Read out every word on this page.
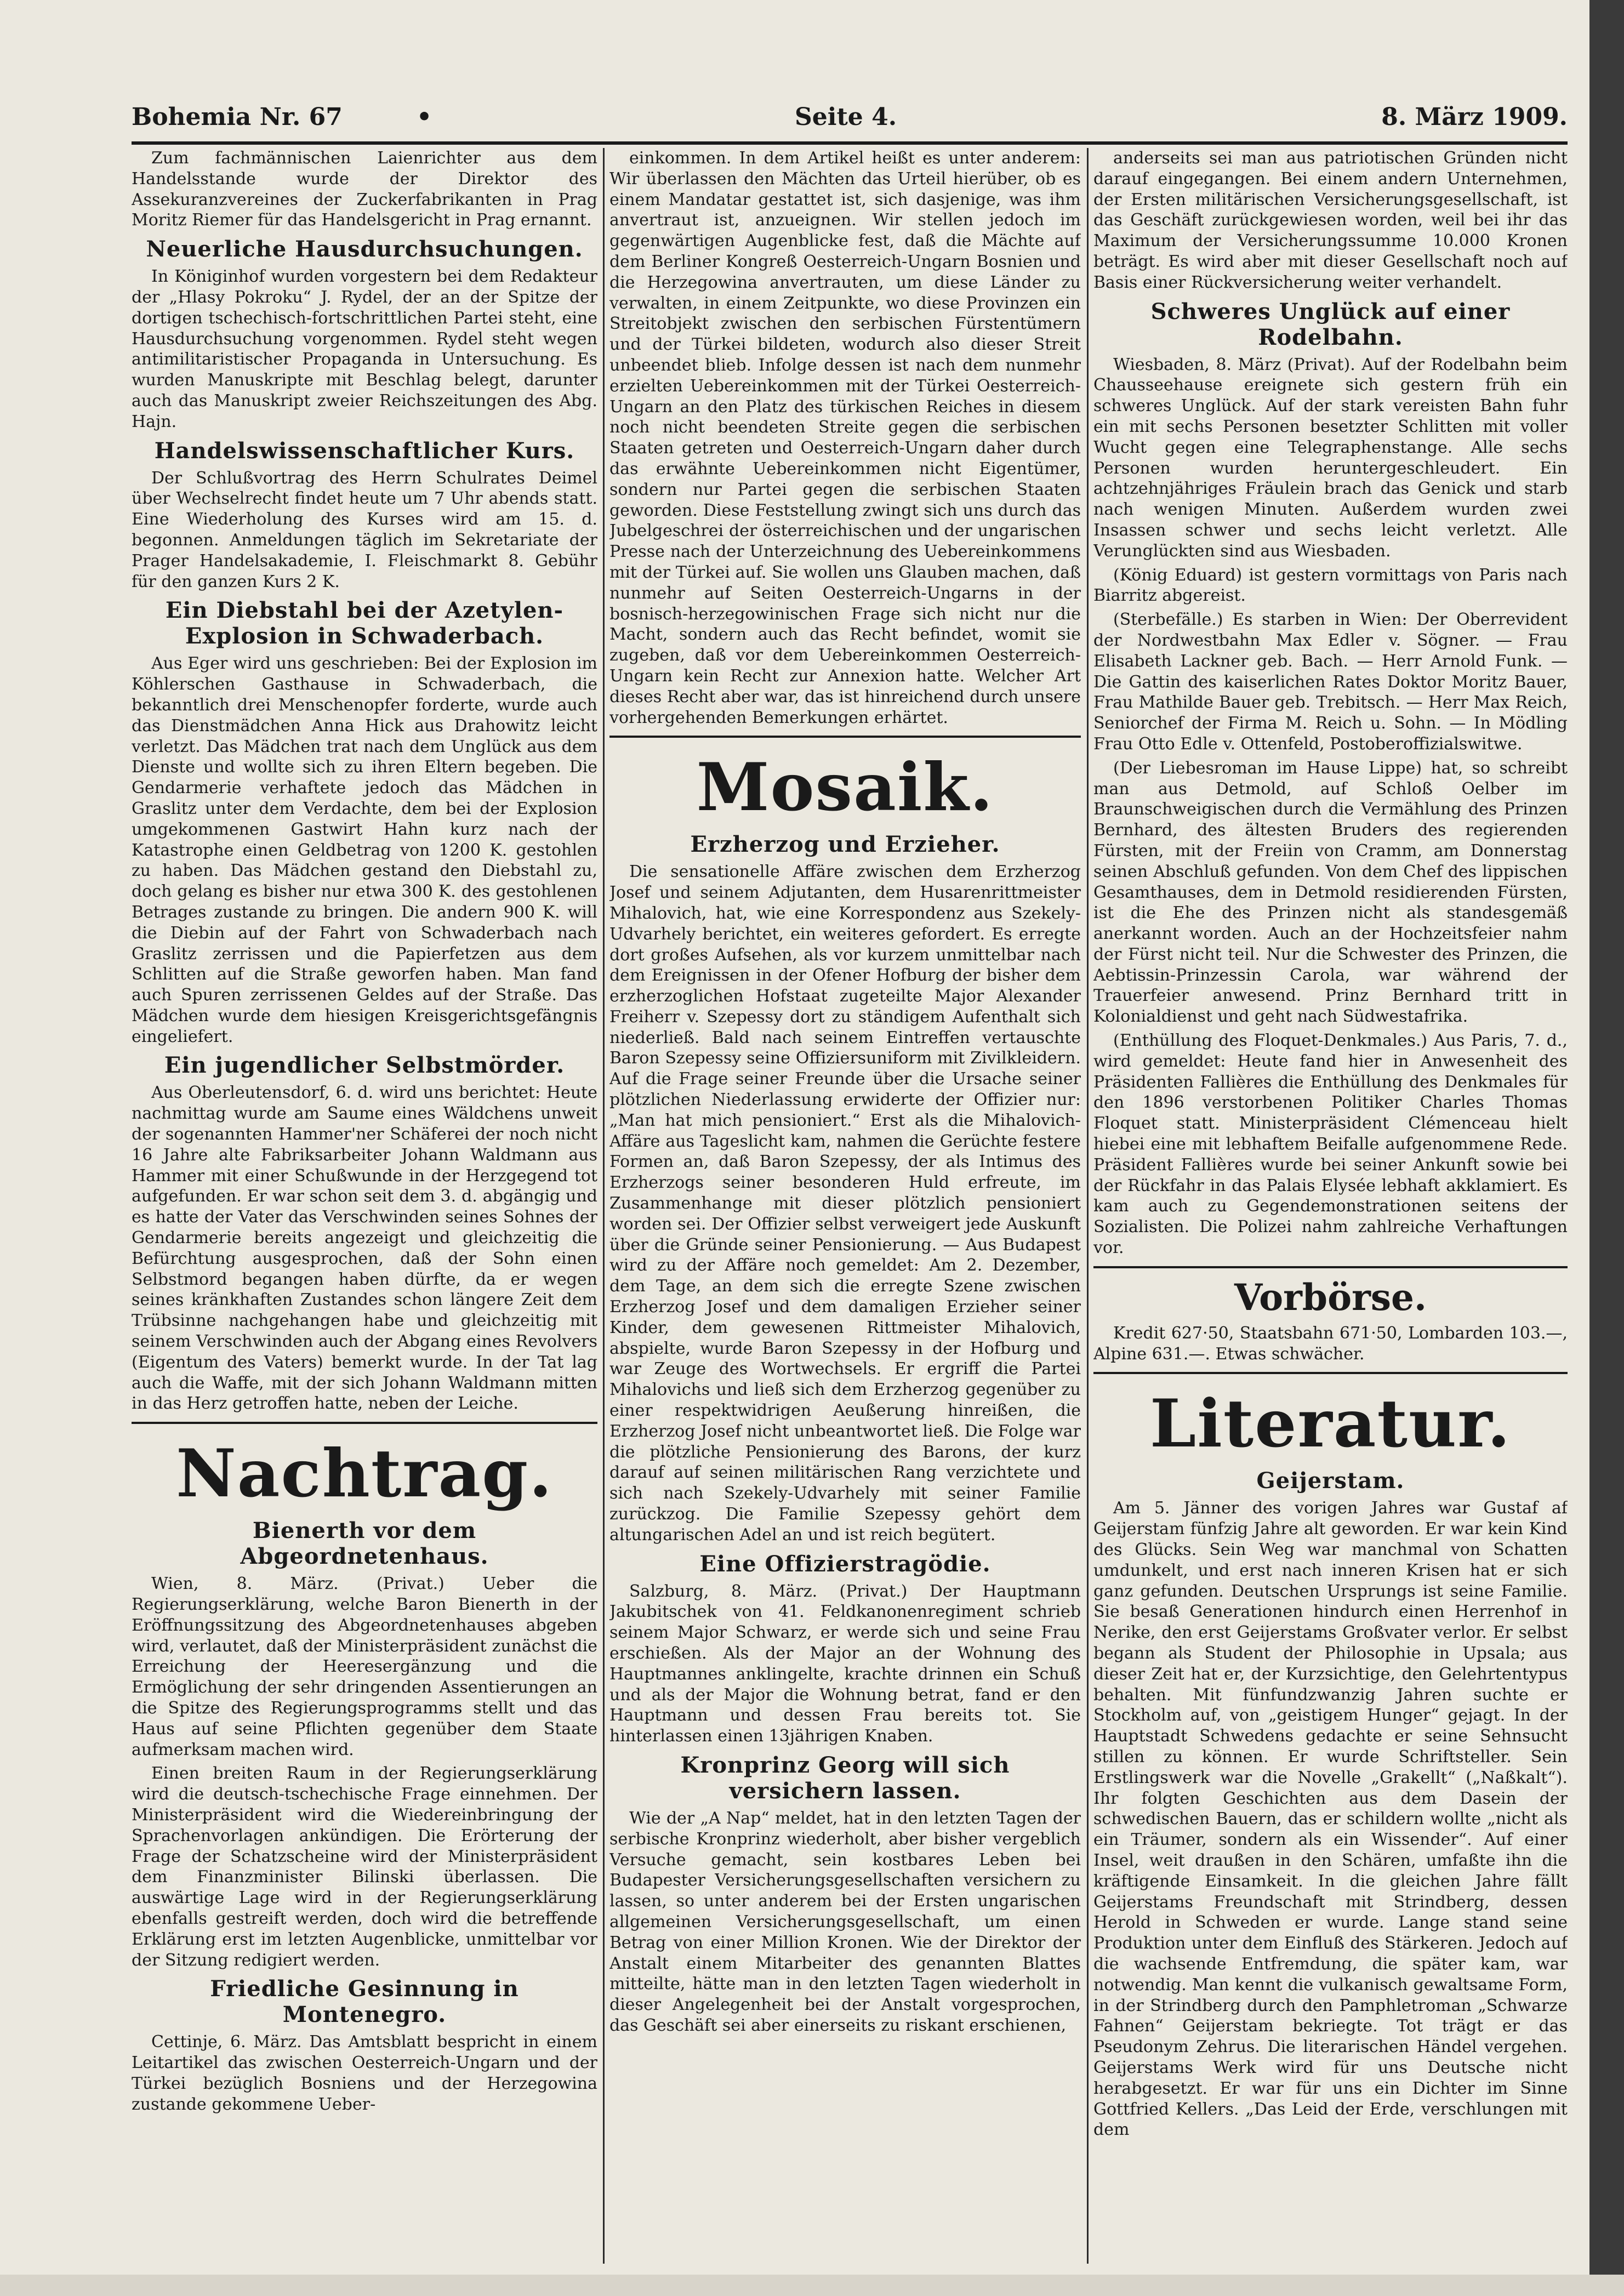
Bohemia Nr. 67	•	Seite 4.	8. März 1909.

Zum fachmännischen Laienrichter aus dem Handelsstande wurde der Direktor des Assekuranzvereines der Zuckerfabrikanten in Prag Moritz Riemer für das Handelsgericht in Prag ernannt.

Neuerliche Hausdurchsuchungen.

In Königinhof wurden vorgestern bei dem Redakteur der „Hlasy Pokroku“ J. Rydel, der an der Spitze der dortigen tschechisch-fortschrittlichen Partei steht, eine Hausdurchsuchung vorgenommen. Rydel steht wegen antimilitaristischer Propaganda in Untersuchung. Es wurden Manuskripte mit Beschlag belegt, darunter auch das Manuskript zweier Reichszeitungen des Abg. Hajn.

Handelswissenschaftlicher Kurs.

Der Schlußvortrag des Herrn Schulrates Deimel über Wechselrecht findet heute um 7 Uhr abends statt. Eine Wiederholung des Kurses wird am 15. d. begonnen. Anmeldungen täglich im Sekretariate der Prager Handelsakademie, I. Fleischmarkt 8. Gebühr für den ganzen Kurs 2 K.

Ein Diebstahl bei der Azetylen-Explosion in Schwaderbach.

Aus Eger wird uns geschrieben: Bei der Explosion im Köhlerschen Gasthause in Schwaderbach, die bekanntlich drei Menschenopfer forderte, wurde auch das Dienstmädchen Anna Hick aus Drahowitz leicht verletzt. Das Mädchen trat nach dem Unglück aus dem Dienste und wollte sich zu ihren Eltern begeben. Die Gendarmerie verhaftete jedoch das Mädchen in Graslitz unter dem Verdachte, dem bei der Explosion umgekommenen Gastwirt Hahn kurz nach der Katastrophe einen Geldbetrag von 1200 K. gestohlen zu haben. Das Mädchen gestand den Diebstahl zu, doch gelang es bisher nur etwa 300 K. des gestohlenen Betrages zustande zu bringen. Die andern 900 K. will die Diebin auf der Fahrt von Schwaderbach nach Graslitz zerrissen und die Papierfetzen aus dem Schlitten auf die Straße geworfen haben. Man fand auch Spuren zerrissenen Geldes auf der Straße. Das Mädchen wurde dem hiesigen Kreisgerichtsgefängnis eingeliefert.

Ein jugendlicher Selbstmörder.

Aus Oberleutensdorf, 6. d. wird uns berichtet: Heute nachmittag wurde am Saume eines Wäldchens unweit der sogenannten Hammer'ner Schäferei der noch nicht 16 Jahre alte Fabriksarbeiter Johann Waldmann aus Hammer mit einer Schußwunde in der Herzgegend tot aufgefunden. Er war schon seit dem 3. d. abgängig und es hatte der Vater das Verschwinden seines Sohnes der Gendarmerie bereits angezeigt und gleichzeitig die Befürchtung ausgesprochen, daß der Sohn einen Selbstmord begangen haben dürfte, da er wegen seines kränkhaften Zustandes schon längere Zeit dem Trübsinne nachgehangen habe und gleichzeitig mit seinem Verschwinden auch der Abgang eines Revolvers (Eigentum des Vaters) bemerkt wurde. In der Tat lag auch die Waffe, mit der sich Johann Waldmann mitten in das Herz getroffen hatte, neben der Leiche.

Nachtrag.
Bienerth vor dem Abgeordnetenhaus.

Wien, 8. März. (Privat.) Ueber die Regierungserklärung, welche Baron Bienerth in der Eröffnungssitzung des Abgeordnetenhauses abgeben wird, verlautet, daß der Ministerpräsident zunächst die Erreichung der Heeresergänzung und die Ermöglichung der sehr dringenden Assentierungen an die Spitze des Regierungsprogramms stellt und das Haus auf seine Pflichten gegenüber dem Staate aufmerksam machen wird.

Einen breiten Raum in der Regierungserklärung wird die deutsch-tschechische Frage einnehmen. Der Ministerpräsident wird die Wiedereinbringung der Sprachenvorlagen ankündigen. Die Erörterung der Frage der Schatzscheine wird der Ministerpräsident dem Finanzminister Bilinski überlassen. Die auswärtige Lage wird in der Regierungserklärung ebenfalls gestreift werden, doch wird die betreffende Erklärung erst im letzten Augenblicke, unmittelbar vor der Sitzung redigiert werden.

Friedliche Gesinnung in Montenegro.

Cettinje, 6. März. Das Amtsblatt bespricht in einem Leitartikel das zwischen Oesterreich-Ungarn und der Türkei bezüglich Bosniens und der Herzegowina zustande gekommene Ueber-

einkommen. In dem Artikel heißt es unter anderem: Wir überlassen den Mächten das Urteil hierüber, ob es einem Mandatar gestattet ist, sich dasjenige, was ihm anvertraut ist, anzueignen. Wir stellen jedoch im gegenwärtigen Augenblicke fest, daß die Mächte auf dem Berliner Kongreß Oesterreich-Ungarn Bosnien und die Herzegowina anvertrauten, um diese Länder zu verwalten, in einem Zeitpunkte, wo diese Provinzen ein Streitobjekt zwischen den serbischen Fürstentümern und der Türkei bildeten, wodurch also dieser Streit unbeendet blieb. Infolge dessen ist nach dem nunmehr erzielten Uebereinkommen mit der Türkei Oesterreich-Ungarn an den Platz des türkischen Reiches in diesem noch nicht beendeten Streite gegen die serbischen Staaten getreten und Oesterreich-Ungarn daher durch das erwähnte Uebereinkommen nicht Eigentümer, sondern nur Partei gegen die serbischen Staaten geworden. Diese Feststellung zwingt sich uns durch das Jubelgeschrei der österreichischen und der ungarischen Presse nach der Unterzeichnung des Uebereinkommens mit der Türkei auf. Sie wollen uns Glauben machen, daß nunmehr auf Seiten Oesterreich-Ungarns in der bosnisch-herzegowinischen Frage sich nicht nur die Macht, sondern auch das Recht befindet, womit sie zugeben, daß vor dem Uebereinkommen Oesterreich-Ungarn kein Recht zur Annexion hatte. Welcher Art dieses Recht aber war, das ist hinreichend durch unsere vorhergehenden Bemerkungen erhärtet.

Mosaik.
Erzherzog und Erzieher.

Die sensationelle Affäre zwischen dem Erzherzog Josef und seinem Adjutanten, dem Husarenrittmeister Mihalovich, hat, wie eine Korrespondenz aus Szekely-Udvarhely berichtet, ein weiteres gefordert. Es erregte dort großes Aufsehen, als vor kurzem unmittelbar nach dem Ereignissen in der Ofener Hofburg der bisher dem erzherzoglichen Hofstaat zugeteilte Major Alexander Freiherr v. Szepessy dort zu ständigem Aufenthalt sich niederließ. Bald nach seinem Eintreffen vertauschte Baron Szepessy seine Offiziersuniform mit Zivilkleidern. Auf die Frage seiner Freunde über die Ursache seiner plötzlichen Niederlassung erwiderte der Offizier nur: „Man hat mich pensioniert.“ Erst als die Mihalovich-Affäre aus Tageslicht kam, nahmen die Gerüchte festere Formen an, daß Baron Szepessy, der als Intimus des Erzherzogs seiner besonderen Huld erfreute, im Zusammenhange mit dieser plötzlich pensioniert worden sei. Der Offizier selbst verweigert jede Auskunft über die Gründe seiner Pensionierung. — Aus Budapest wird zu der Affäre noch gemeldet: Am 2. Dezember, dem Tage, an dem sich die erregte Szene zwischen Erzherzog Josef und dem damaligen Erzieher seiner Kinder, dem gewesenen Rittmeister Mihalovich, abspielte, wurde Baron Szepessy in der Hofburg und war Zeuge des Wortwechsels. Er ergriff die Partei Mihalovichs und ließ sich dem Erzherzog gegenüber zu einer respektwidrigen Aeußerung hinreißen, die Erzherzog Josef nicht unbeantwortet ließ. Die Folge war die plötzliche Pensionierung des Barons, der kurz darauf auf seinen militärischen Rang verzichtete und sich nach Szekely-Udvarhely mit seiner Familie zurückzog. Die Familie Szepessy gehört dem altungarischen Adel an und ist reich begütert.

Eine Offizierstragödie.

Salzburg, 8. März. (Privat.) Der Hauptmann Jakubitschek von 41. Feldkanonenregiment schrieb seinem Major Schwarz, er werde sich und seine Frau erschießen. Als der Major an der Wohnung des Hauptmannes anklingelte, krachte drinnen ein Schuß und als der Major die Wohnung betrat, fand er den Hauptmann und dessen Frau bereits tot. Sie hinterlassen einen 13jährigen Knaben.

Kronprinz Georg will sich versichern lassen.

Wie der „A Nap“ meldet, hat in den letzten Tagen der serbische Kronprinz wiederholt, aber bisher vergeblich Versuche gemacht, sein kostbares Leben bei Budapester Versicherungsgesellschaften versichern zu lassen, so unter anderem bei der Ersten ungarischen allgemeinen Versicherungsgesellschaft, um einen Betrag von einer Million Kronen. Wie der Direktor der Anstalt einem Mitarbeiter des genannten Blattes mitteilte, hätte man in den letzten Tagen wiederholt in dieser Angelegenheit bei der Anstalt vorgesprochen, das Geschäft sei aber einerseits zu riskant erschienen,

anderseits sei man aus patriotischen Gründen nicht darauf eingegangen. Bei einem andern Unternehmen, der Ersten militärischen Versicherungsgesellschaft, ist das Geschäft zurückgewiesen worden, weil bei ihr das Maximum der Versicherungssumme 10.000 Kronen beträgt. Es wird aber mit dieser Gesellschaft noch auf Basis einer Rückversicherung weiter verhandelt.

Schweres Unglück auf einer Rodelbahn.

Wiesbaden, 8. März (Privat). Auf der Rodelbahn beim Chausseehause ereignete sich gestern früh ein schweres Unglück. Auf der stark vereisten Bahn fuhr ein mit sechs Personen besetzter Schlitten mit voller Wucht gegen eine Telegraphenstange. Alle sechs Personen wurden heruntergeschleudert. Ein achtzehnjähriges Fräulein brach das Genick und starb nach wenigen Minuten. Außerdem wurden zwei Insassen schwer und sechs leicht verletzt. Alle Verunglückten sind aus Wiesbaden.

(König Eduard) ist gestern vormittags von Paris nach Biarritz abgereist.

(Sterbefälle.) Es starben in Wien: Der Oberrevident der Nordwestbahn Max Edler v. Sögner. — Frau Elisabeth Lackner geb. Bach. — Herr Arnold Funk. — Die Gattin des kaiserlichen Rates Doktor Moritz Bauer, Frau Mathilde Bauer geb. Trebitsch. — Herr Max Reich, Seniorchef der Firma M. Reich u. Sohn. — In Mödling Frau Otto Edle v. Ottenfeld, Postoberoffizialswitwe.

(Der Liebesroman im Hause Lippe) hat, so schreibt man aus Detmold, auf Schloß Oelber im Braunschweigischen durch die Vermählung des Prinzen Bernhard, des ältesten Bruders des regierenden Fürsten, mit der Freiin von Cramm, am Donnerstag seinen Abschluß gefunden. Von dem Chef des lippischen Gesamthauses, dem in Detmold residierenden Fürsten, ist die Ehe des Prinzen nicht als standesgemäß anerkannt worden. Auch an der Hochzeitsfeier nahm der Fürst nicht teil. Nur die Schwester des Prinzen, die Aebtissin-Prinzessin Carola, war während der Trauerfeier anwesend. Prinz Bernhard tritt in Kolonialdienst und geht nach Südwestafrika.

(Enthüllung des Floquet-Denkmales.) Aus Paris, 7. d., wird gemeldet: Heute fand hier in Anwesenheit des Präsidenten Fallières die Enthüllung des Denkmales für den 1896 verstorbenen Politiker Charles Thomas Floquet statt. Ministerpräsident Clémenceau hielt hiebei eine mit lebhaftem Beifalle aufgenommene Rede. Präsident Fallières wurde bei seiner Ankunft sowie bei der Rückfahr in das Palais Elysée lebhaft akklamiert. Es kam auch zu Gegendemonstrationen seitens der Sozialisten. Die Polizei nahm zahlreiche Verhaftungen vor.

Vorbörse.

Kredit 627·50, Staatsbahn 671·50, Lombarden 103.—, Alpine 631.—. Etwas schwächer.

Literatur.
Geijerstam.

Am 5. Jänner des vorigen Jahres war Gustaf af Geijerstam fünfzig Jahre alt geworden. Er war kein Kind des Glücks. Sein Weg war manchmal von Schatten umdunkelt, und erst nach inneren Krisen hat er sich ganz gefunden. Deutschen Ursprungs ist seine Familie. Sie besaß Generationen hindurch einen Herrenhof in Nerike, den erst Geijerstams Großvater verlor. Er selbst begann als Student der Philosophie in Upsala; aus dieser Zeit hat er, der Kurzsichtige, den Gelehrtentypus behalten. Mit fünfundzwanzig Jahren suchte er Stockholm auf, von „geistigem Hunger“ gejagt. In der Hauptstadt Schwedens gedachte er seine Sehnsucht stillen zu können. Er wurde Schriftsteller. Sein Erstlingswerk war die Novelle „Grakellt“ („Naßkalt“). Ihr folgten Geschichten aus dem Dasein der schwedischen Bauern, das er schildern wollte „nicht als ein Träumer, sondern als ein Wissender“. Auf einer Insel, weit draußen in den Schären, umfaßte ihn die kräftigende Einsamkeit. In die gleichen Jahre fällt Geijerstams Freundschaft mit Strindberg, dessen Herold in Schweden er wurde. Lange stand seine Produktion unter dem Einfluß des Stärkeren. Jedoch auf die wachsende Entfremdung, die später kam, war notwendig. Man kennt die vulkanisch gewaltsame Form, in der Strindberg durch den Pamphletroman „Schwarze Fahnen“ Geijerstam bekriegte. Tot trägt er das Pseudonym Zehrus. Die literarischen Händel vergehen. Geijerstams Werk wird für uns Deutsche nicht herabgesetzt. Er war für uns ein Dichter im Sinne Gottfried Kellers. „Das Leid der Erde, verschlungen mit dem
